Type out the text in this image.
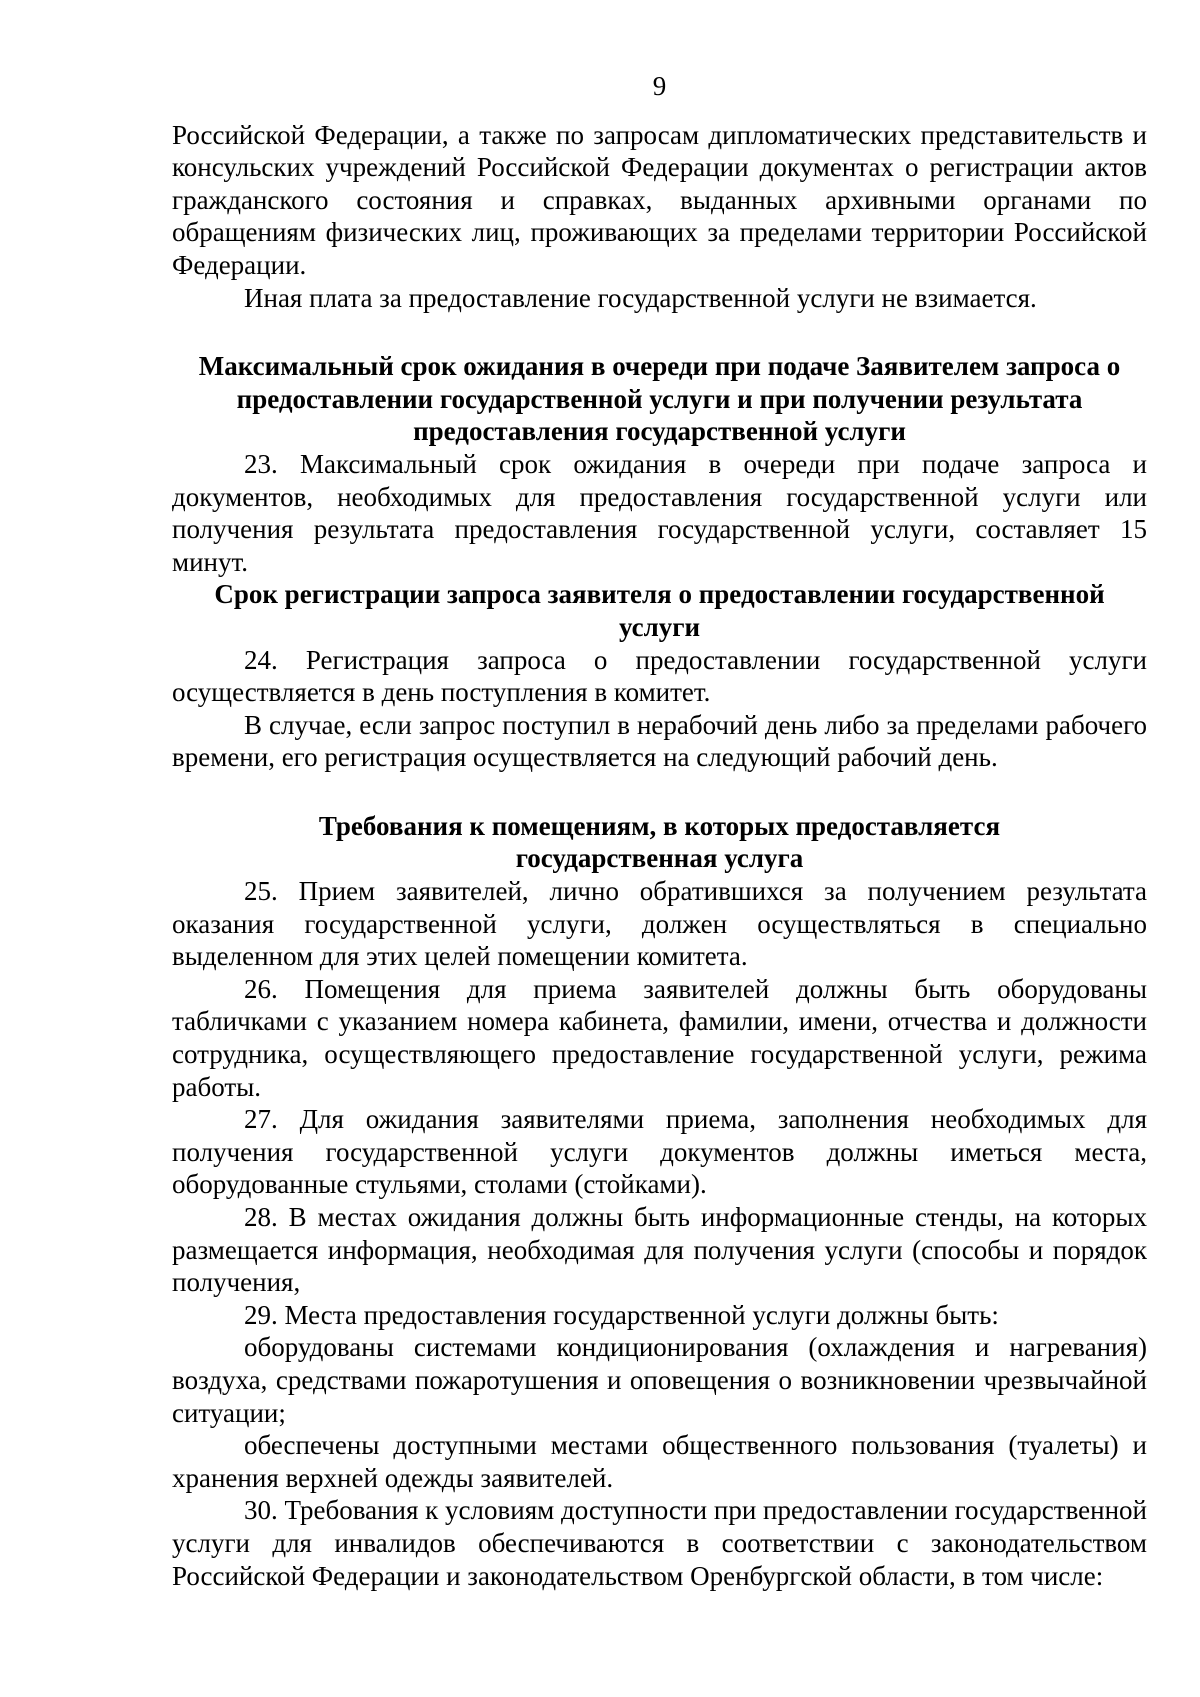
9

Российской Федерации, а также по запросам дипломатических представительств и консульских учреждений Российской Федерации документах о регистрации актов гражданского состояния и справках, выданных архивными органами по обращениям физических лиц, проживающих за пределами территории Российской Федерации.

Иная плата за предоставление государственной услуги не взимается.

Максимальный срок ожидания в очереди при подаче Заявителем запроса о
предоставлении государственной услуги и при получении результата
предоставления государственной услуги

23. Максимальный срок ожидания в очереди при подаче запроса и документов, необходимых для предоставления государственной услуги или получения результата предоставления государственной услуги, составляет 15 минут.

Срок регистрации запроса заявителя о предоставлении государственной
услуги

24. Регистрация запроса о предоставлении государственной услуги осуществляется в день поступления в комитет.

В случае, если запрос поступил в нерабочий день либо за пределами рабочего времени, его регистрация осуществляется на следующий рабочий день.

Требования к помещениям, в которых предоставляется
государственная услуга

25. Прием заявителей, лично обратившихся за получением результата оказания государственной услуги, должен осуществляться в специально выделенном для этих целей помещении комитета.

26. Помещения для приема заявителей должны быть оборудованы табличками с указанием номера кабинета, фамилии, имени, отчества и должности сотрудника, осуществляющего предоставление государственной услуги, режима работы.

27. Для ожидания заявителями приема, заполнения необходимых для получения государственной услуги документов должны иметься места, оборудованные стульями, столами (стойками).

28. В местах ожидания должны быть информационные стенды, на которых размещается информация, необходимая для получения услуги (способы и порядок получения,

29. Места предоставления государственной услуги должны быть:

оборудованы системами кондиционирования (охлаждения и нагревания) воздуха, средствами пожаротушения и оповещения о возникновении чрезвычайной ситуации;

обеспечены доступными местами общественного пользования (туалеты) и хранения верхней одежды заявителей.

30. Требования к условиям доступности при предоставлении государственной услуги для инвалидов обеспечиваются в соответствии с законодательством Российской Федерации и законодательством Оренбургской области, в том числе:
